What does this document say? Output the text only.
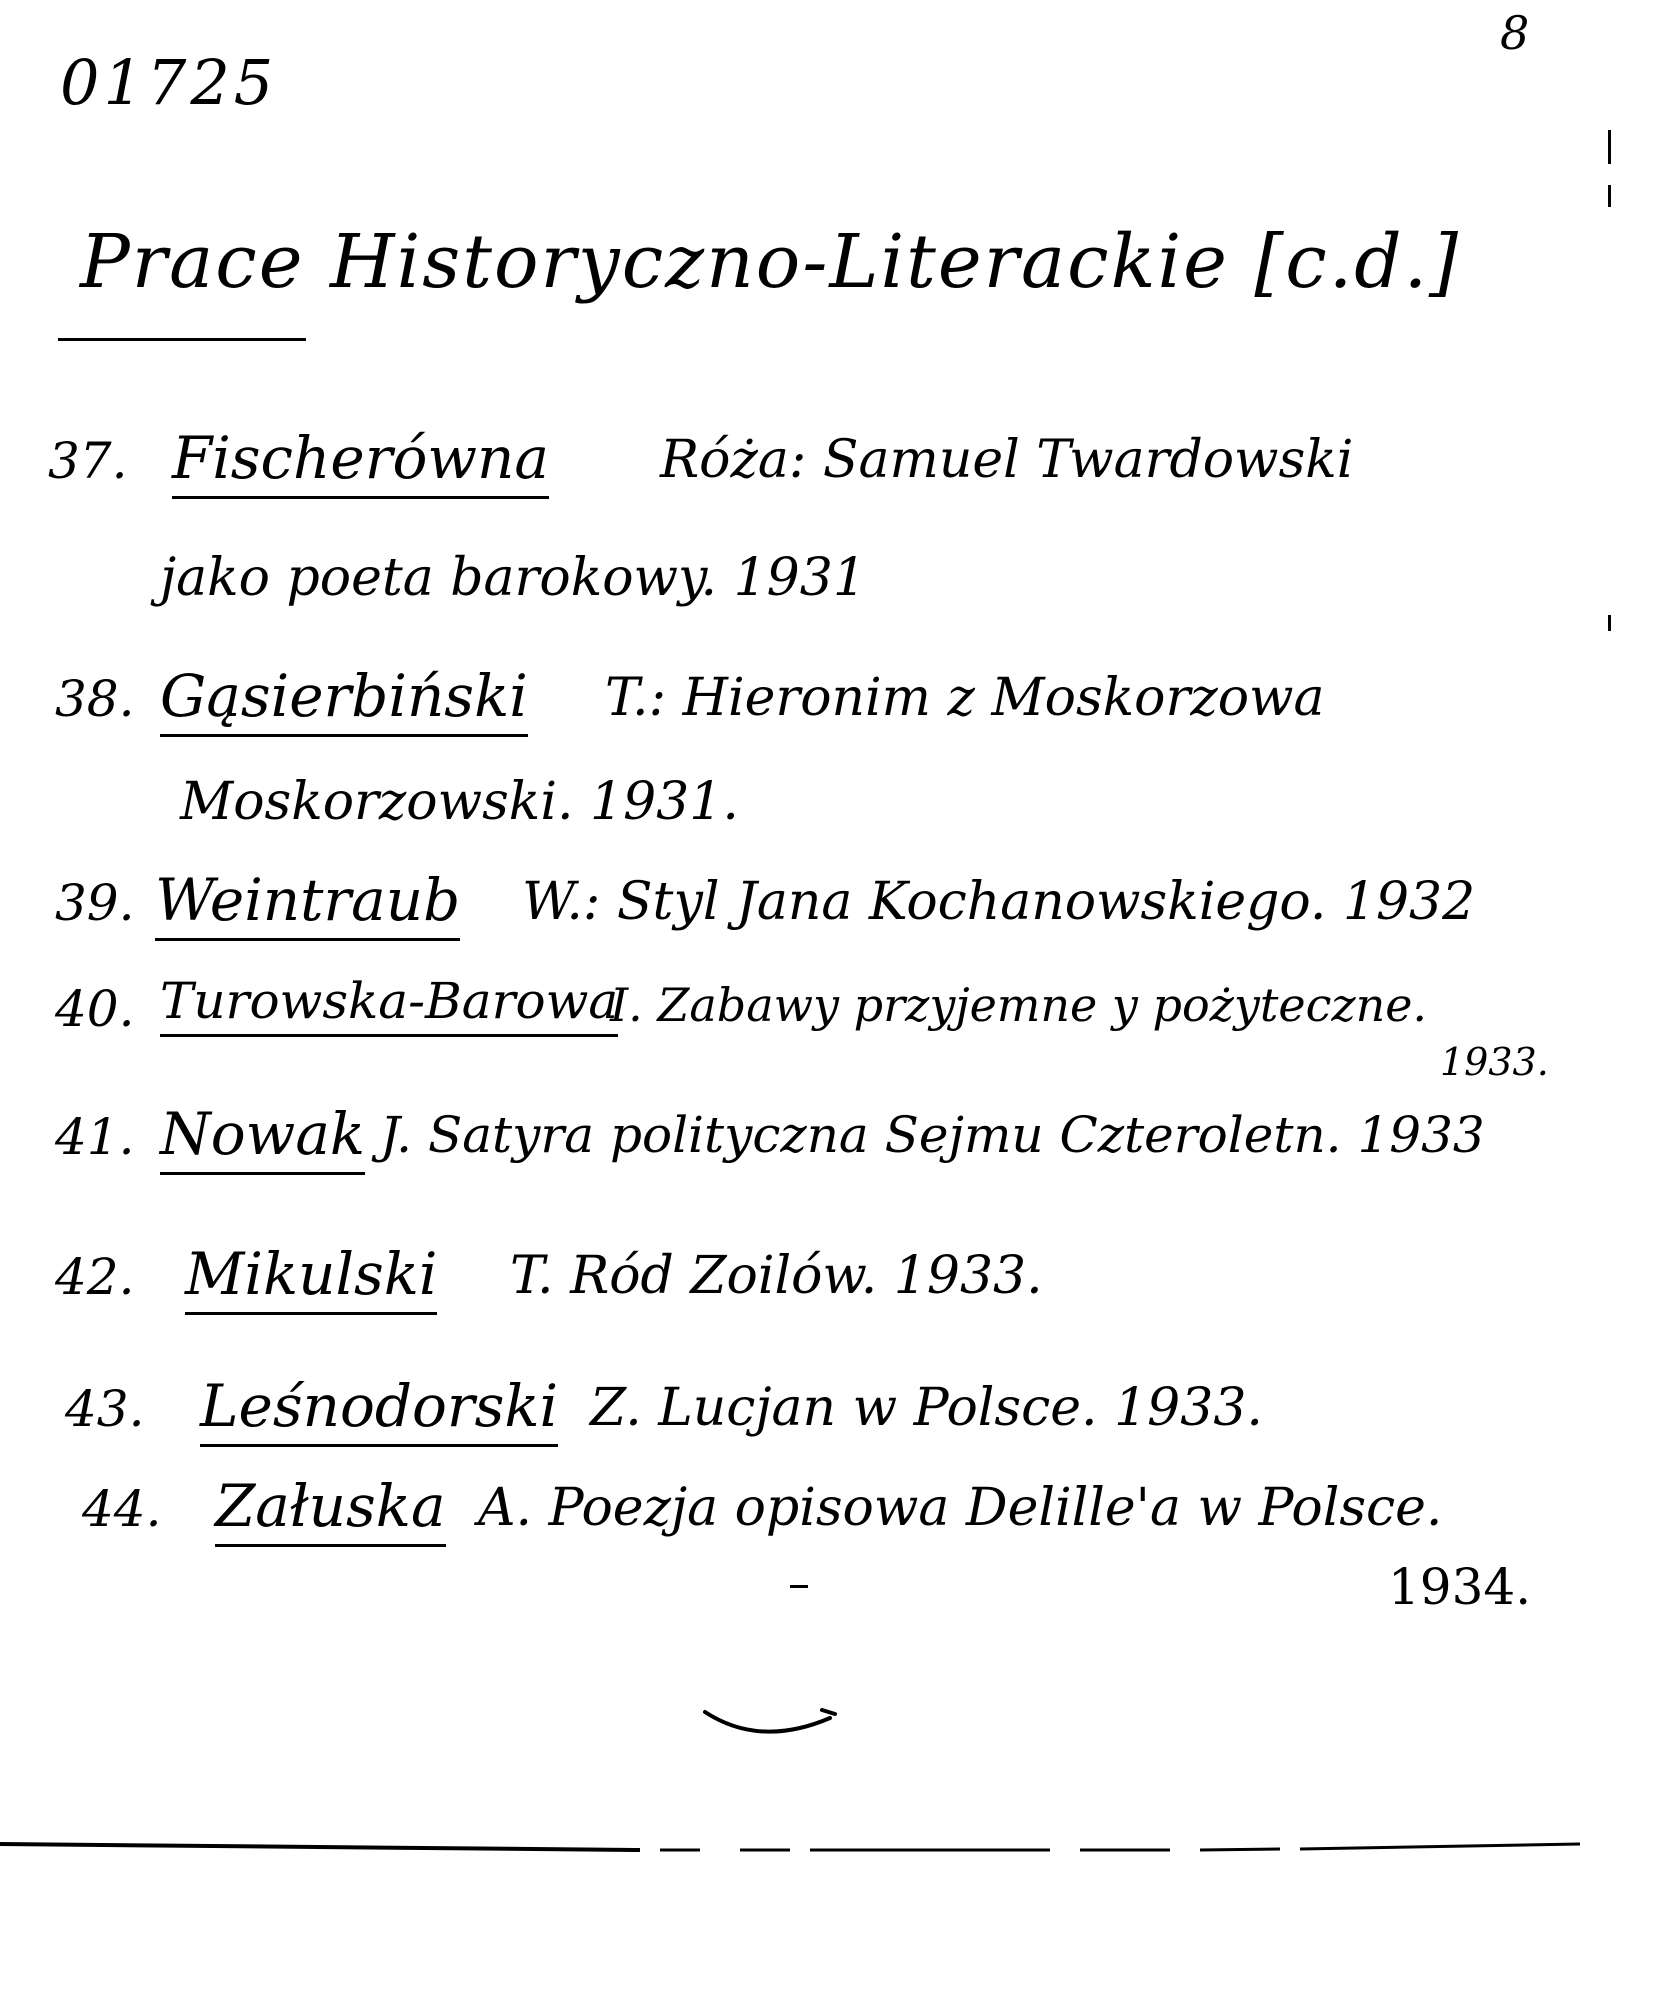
01725
8
Prace Historyczno-Literackie [c.d.]
37. Fischerówna Róża: Samuel Twardowski
jako poeta barokowy. 1931
38. Gąsierbiński T.: Hieronim z Moskorzowa
Moskorzowski. 1931.
39. Weintraub W.: Styl Jana Kochanowskiego. 1932
40. Turowska-Barowa
I. Zabawy przyjemne y pożyteczne.
1933.
41. Nowak J. Satyra polityczna Sejmu Czteroletn. 1933
42. Mikulski T. Ród Zoilów. 1933.
43. Leśnodorski Z. Lucjan w Polsce. 1933.
44. Załuska A. Poezja opisowa Delille'a w Polsce.
1934.
